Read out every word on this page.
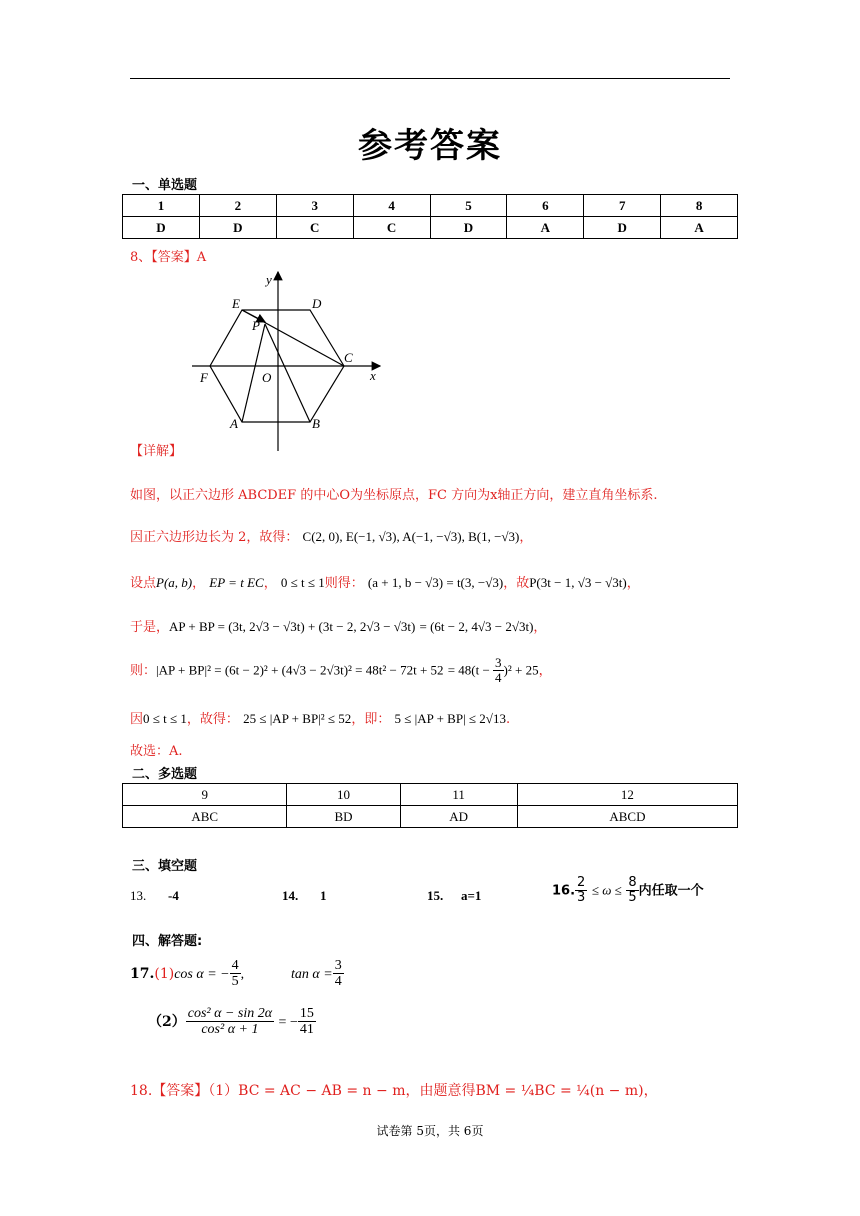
参考答案
一、单选题
1	2	3	4	5	6	7	8
D	D	C	C	D	A	D	A
8、【答案】A
y
x
E	D
P
F	O
C
A	B
【详解】
如图，以正六边形 ABCDEF 的中心O为坐标原点，FC 方向为x轴正方向，建立直角坐标系.
因正六边形边长为 2，故得： C(2, 0), E(−1, √3), A(−1, −√3), B(1, −√3)，
设点P(a, b)， EP = t EC， 0 ≤ t ≤ 1则得： (a + 1, b − √3) = t(3, −√3)，故P(3t − 1, √3 − √3t)，
于是，AP + BP = (3t, 2√3 − √3t) + (3t − 2, 2√3 − √3t) = (6t − 2, 4√3 − 2√3t)，
则：$|AP + BP|^2 = (6t - 2)^2 + (4√3 - 2√3t)^2 = 48t^2 - 72t + 52 = 48(t - \frac{3}{4} )^2 + 25$，
因0 ≤ t ≤ 1，故得： 25 ≤ |AP + BP|² ≤ 52，即： 5 ≤ |AP + BP| ≤ 2√13.
故选：A.
二、多选题
9	10	11	12
ABC	BD	AD	ABCD
三、填空题
13. -4	14. 1	15. a=1	16. $\frac{2}{3} \le \omega \le \frac{8}{5}$ 内任取一个
四、解答题:
17.(1)cos α = − $\frac{4}{5}$ ,	$\tan \alpha = \frac{3}{4}$
$(2) \frac{\text{cos² α − sin 2α}}{\text{cos² α + 1}}$ = − $\frac{15}{41}$
18.【答案】（1）BC = AC − AB = n − m，由题意得BM = ¼BC = ¼(n − m)，
试卷第 5页，共 6页
